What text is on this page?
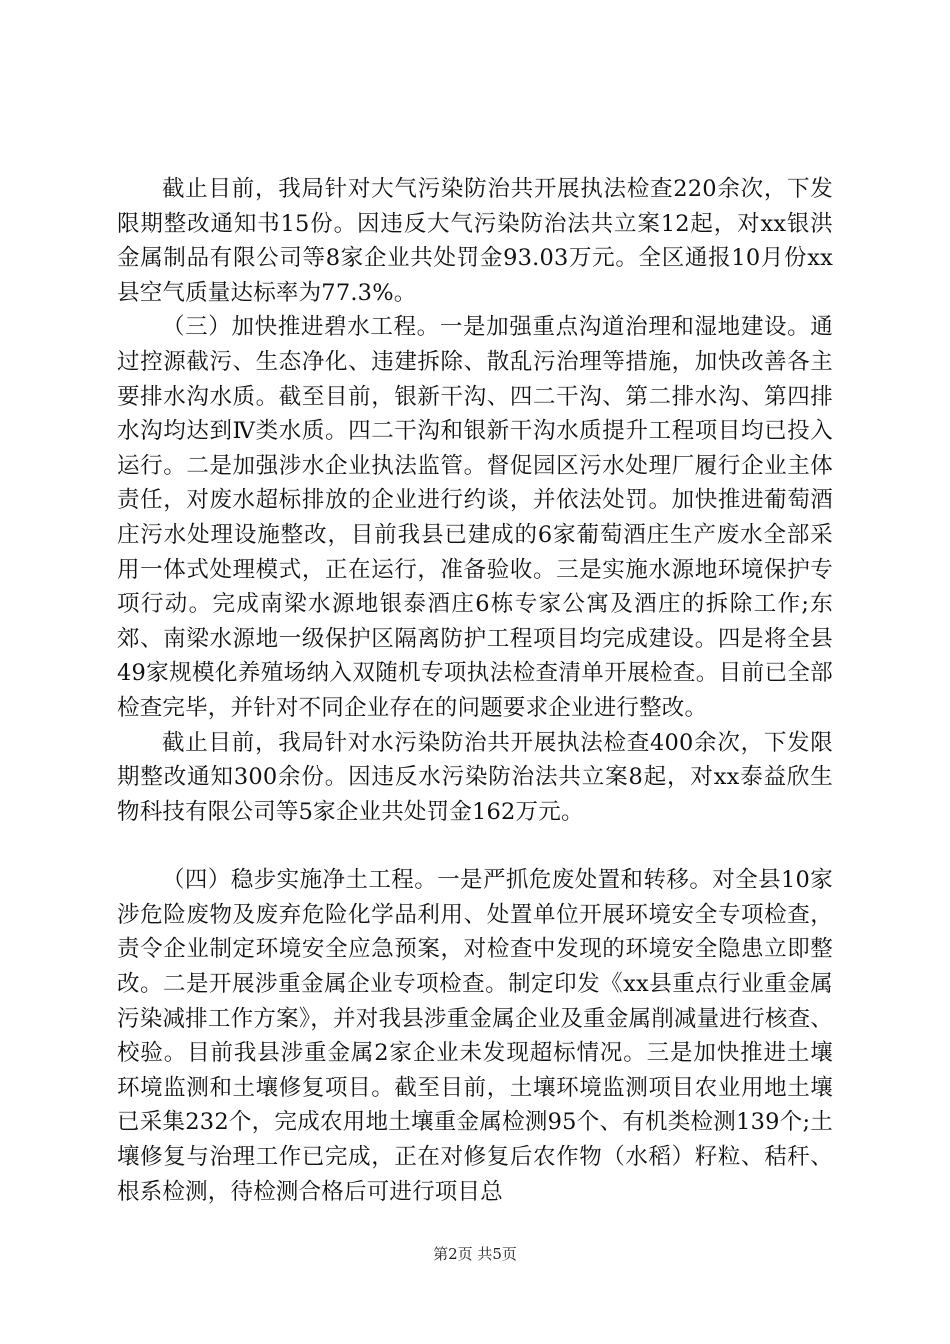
截止目前，我局针对大气污染防治共开展执法检查220余次，下发限期整改通知书15份。因违反大气污染防治法共立案12起，对xx银洪金属制品有限公司等8家企业共处罚金93.03万元。全区通报10月份xx县空气质量达标率为77.3%。

（三）加快推进碧水工程。一是加强重点沟道治理和湿地建设。通过控源截污、生态净化、违建拆除、散乱污治理等措施，加快改善各主要排水沟水质。截至目前，银新干沟、四二干沟、第二排水沟、第四排水沟均达到Ⅳ类水质。四二干沟和银新干沟水质提升工程项目均已投入运行。二是加强涉水企业执法监管。督促园区污水处理厂履行企业主体责任，对废水超标排放的企业进行约谈，并依法处罚。加快推进葡萄酒庄污水处理设施整改，目前我县已建成的6家葡萄酒庄生产废水全部采用一体式处理模式，正在运行，准备验收。三是实施水源地环境保护专项行动。完成南梁水源地银泰酒庄6栋专家公寓及酒庄的拆除工作;东郊、南梁水源地一级保护区隔离防护工程项目均完成建设。四是将全县49家规模化养殖场纳入双随机专项执法检查清单开展检查。目前已全部检查完毕，并针对不同企业存在的问题要求企业进行整改。

截止目前，我局针对水污染防治共开展执法检查400余次，下发限期整改通知300余份。因违反水污染防治法共立案8起，对xx泰益欣生物科技有限公司等5家企业共处罚金162万元。

（四）稳步实施净土工程。一是严抓危废处置和转移。对全县10家涉危险废物及废弃危险化学品利用、处置单位开展环境安全专项检查，责令企业制定环境安全应急预案，对检查中发现的环境安全隐患立即整改。二是开展涉重金属企业专项检查。制定印发《xx县重点行业重金属污染减排工作方案》，并对我县涉重金属企业及重金属削减量进行核查、校验。目前我县涉重金属2家企业未发现超标情况。三是加快推进土壤环境监测和土壤修复项目。截至目前，土壤环境监测项目农业用地土壤已采集232个，完成农用地土壤重金属检测95个、有机类检测139个;土壤修复与治理工作已完成，正在对修复后农作物（水稻）籽粒、秸秆、根系检测，待检测合格后可进行项目总

第2页 共5页
